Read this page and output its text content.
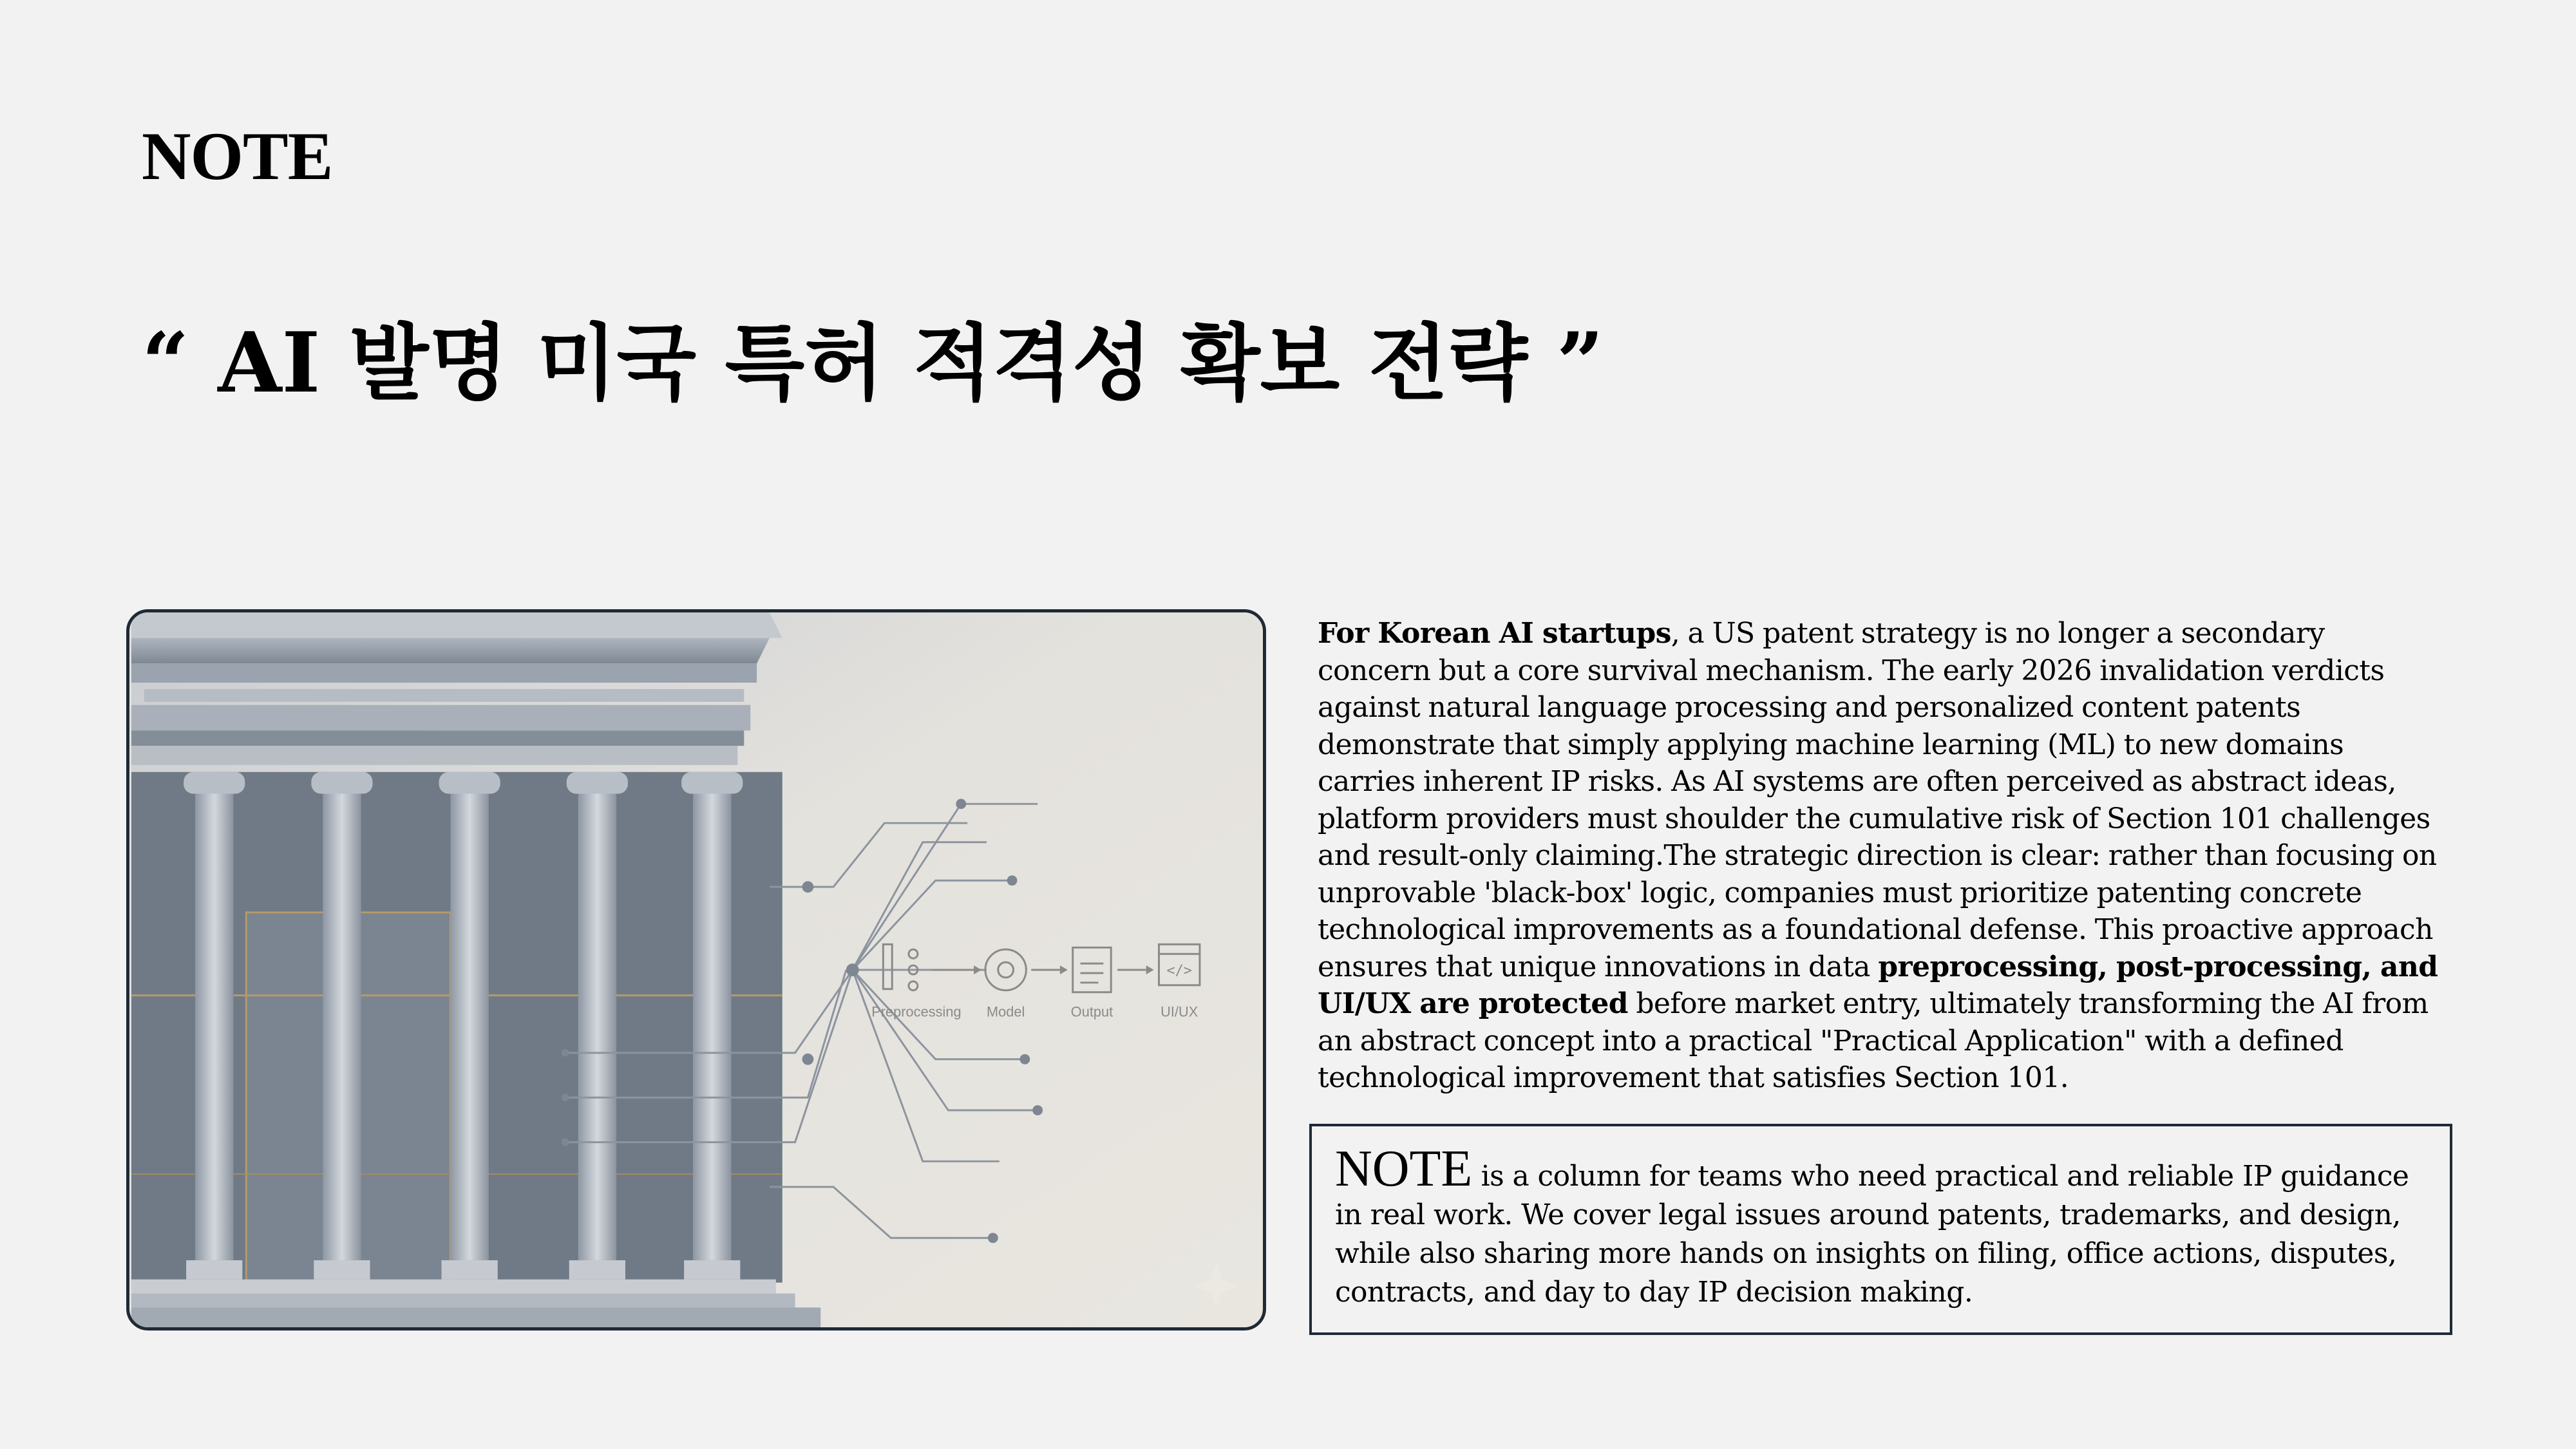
NOTE
“ AI 발명 미국 특허 적격성 확보 전략 ”
</>
Preprocessing Model	Output	UI/UX

For Korean AI startups, a US patent strategy is no longer a secondary concern but a core survival mechanism. The early 2026 invalidation verdicts against natural language processing and personalized content patents demonstrate that simply applying machine learning (ML) to new domains carries inherent IP risks. As AI systems are often perceived as abstract ideas, platform providers must shoulder the cumulative risk of Section 101 challenges and result-only claiming.The strategic direction is clear: rather than focusing on unprovable 'black-box' logic, companies must prioritize patenting concrete technological improvements as a foundational defense. This proactive approach ensures that unique innovations in data preprocessing, post-processing, and UI/UX are protected before market entry, ultimately transforming the AI from an abstract concept into a practical "Practical Application" with a defined technological improvement that satisfies Section 101.

NOTE is a column for teams who need practical and reliable IP guidance in real work. We cover legal issues around patents, trademarks, and design, while also sharing more hands on insights on filing, office actions, disputes, contracts, and day to day IP decision making.
